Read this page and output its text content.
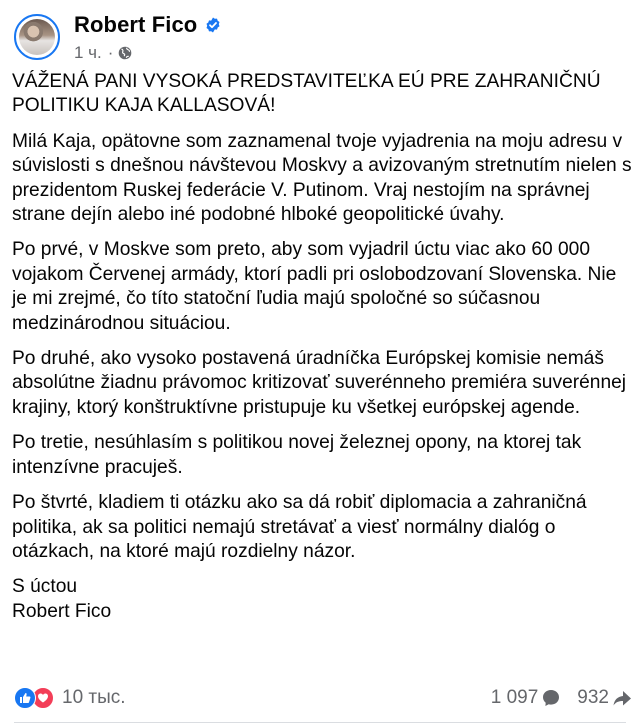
Robert Fico
1 ч. ·

VÁŽENÁ PANI VYSOKÁ PREDSTAVITEĽKA EÚ PRE ZAHRANIČNÚ POLITIKU KAJA KALLASOVÁ!

Milá Kaja, opätovne som zaznamenal tvoje vyjadrenia na moju adresu v súvislosti s dnešnou návštevou Moskvy a avizovaným stretnutím nielen s prezidentom Ruskej federácie V. Putinom. Vraj nestojím na správnej strane dejín alebo iné podobné hlboké geopolitické úvahy.

Po prvé, v Moskve som preto, aby som vyjadril úctu viac ako 60 000 vojakom Červenej armády, ktorí padli pri oslobodzovaní Slovenska. Nie je mi zrejmé, čo títo statoční ľudia majú spoločné so súčasnou medzinárodnou situáciou.

Po druhé, ako vysoko postavená úradníčka Európskej komisie nemáš absolútne žiadnu právomoc kritizovať suverénneho premiéra suverénnej krajiny, ktorý konštruktívne pristupuje ku všetkej európskej agende.

Po tretie, nesúhlasím s politikou novej železnej opony, na ktorej tak intenzívne pracuješ.

Po štvrté, kladiem ti otázku ako sa dá robiť diplomacia a zahraničná politika, ak sa politici nemajú stretávať a viesť normálny dialóg o otázkach, na ktoré majú rozdielny názor.

S úctou
Robert Fico

10 тыс.	1 097 932
